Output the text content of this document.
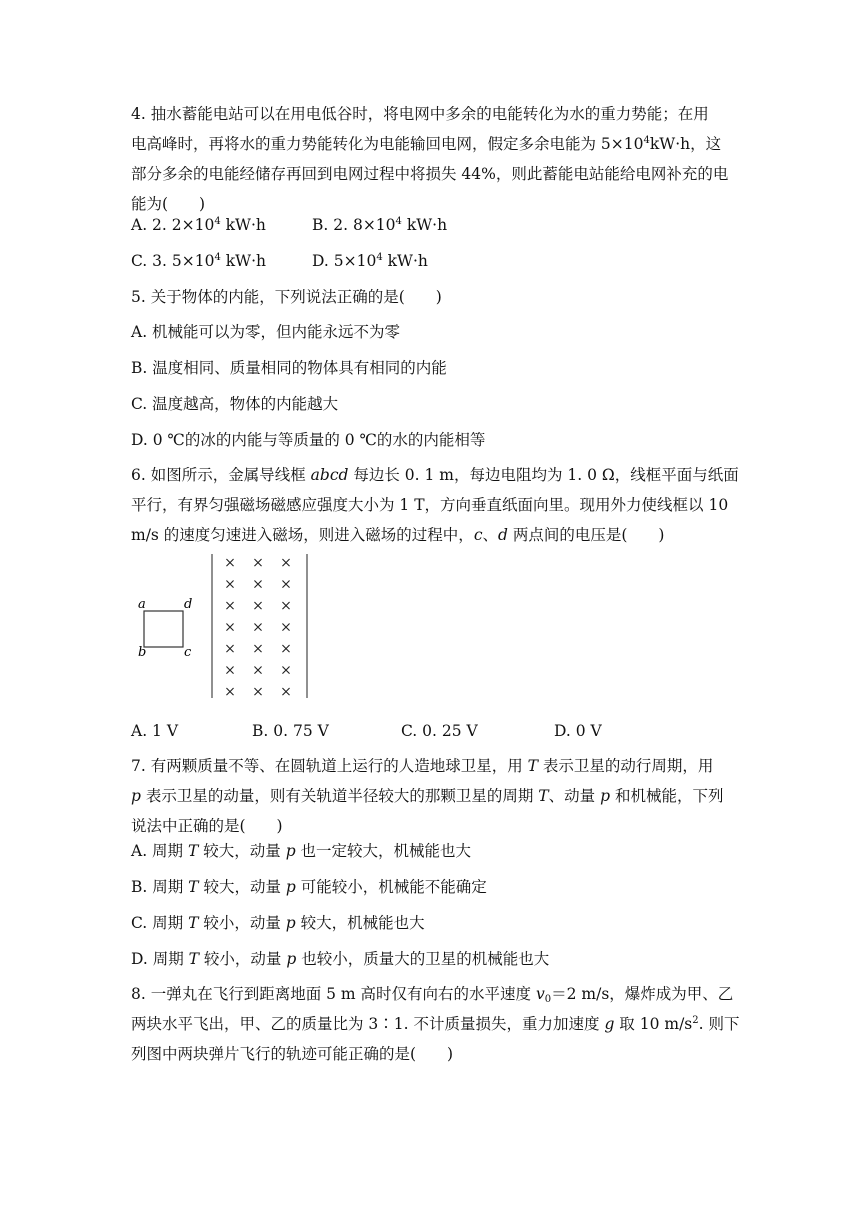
4. 抽水蓄能电站可以在用电低谷时，将电网中多余的电能转化为水的重力势能；在用
电高峰时，再将水的重力势能转化为电能输回电网，假定多余电能为 $5\times 10^4kW\cdot h$，这
部分多余的电能经储存再回到电网过程中将损失 44%，则此蓄能电站能给电网补充的电
能为(　　)
A. 2. $2\times 10^4$ kW·h	B. 2. $8\times 10^4$ kW·h
C. 3. $5\times 10^4$ kW·h	D. $5\times 10^4$ kW·h
5. 关于物体的内能，下列说法正确的是(　　)
A. 机械能可以为零，但内能永远不为零
B. 温度相同、质量相同的物体具有相同的内能
C. 温度越高，物体的内能越大
D. 0 ℃的冰的内能与等质量的 0 ℃的水的内能相等
6. 如图所示，金属导线框 abcd 每边长 0. 1 m，每边电阻均为 1. 0 Ω，线框平面与纸面
平行，有界匀强磁场磁感应强度大小为 1 T，方向垂直纸面向里。现用外力使线框以 10
m/s 的速度匀速进入磁场，则进入磁场的过程中，c、d 两点间的电压是(　　)
a	d
b	c
× × ×
× × ×
× × ×
× × ×
× × ×
× × ×
× × ×
A. 1 V	B. 0. 75 V	C. 0. 25 V	D. 0 V
7. 有两颗质量不等、在圆轨道上运行的人造地球卫星，用 T 表示卫星的动行周期，用
p 表示卫星的动量，则有关轨道半径较大的那颗卫星的周期 T、动量 p 和机械能，下列
说法中正确的是(　　)
A. 周期 T 较大，动量 p 也一定较大，机械能也大
B. 周期 T 较大，动量 p 可能较小，机械能不能确定
C. 周期 T 较小，动量 p 较大，机械能也大
D. 周期 T 较小，动量 p 也较小，质量大的卫星的机械能也大
8. 一弹丸在飞行到距离地面 5 m 高时仅有向右的水平速度 $v_0=2$ m/s，爆炸成为甲、乙
两块水平飞出，甲、乙的质量比为 3∶1. 不计质量损失，重力加速度 g 取 10 $m/s^2$. 则下
列图中两块弹片飞行的轨迹可能正确的是(　　)
